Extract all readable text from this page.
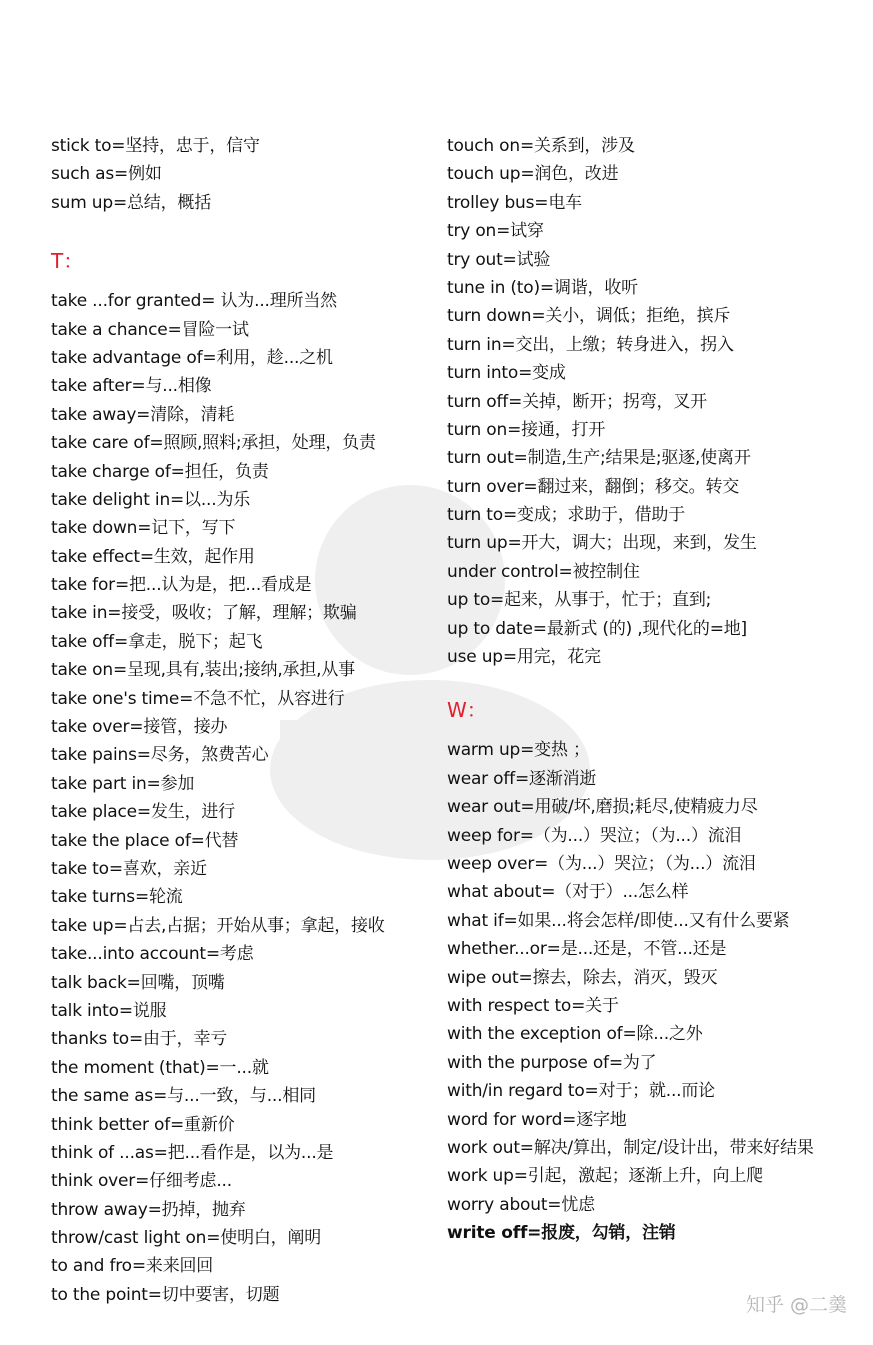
stick to=坚持，忠于，信守
such as=例如
sum up=总结，概括
T：
take ...for granted= 认为...理所当然
take a chance=冒险一试
take advantage of=利用，趁...之机
take after=与...相像
take away=清除，清耗
take care of=照顾,照料;承担，处理，负责
take charge of=担任，负责
take delight in=以...为乐
take down=记下，写下
take effect=生效，起作用
take for=把...认为是，把...看成是
take in=接受，吸收；了解，理解；欺骗
take off=拿走，脱下；起飞
take on=呈现,具有,装出;接纳,承担,从事
take one's time=不急不忙，从容进行
take over=接管，接办
take pains=尽务，煞费苦心
take part in=参加
take place=发生，进行
take the place of=代替
take to=喜欢，亲近
take turns=轮流
take up=占去,占据；开始从事；拿起，接收
take...into account=考虑
talk back=回嘴，顶嘴
talk into=说服
thanks to=由于，幸亏
the moment (that)=一...就
the same as=与...一致，与...相同
think better of=重新价
think of ...as=把...看作是，以为...是
think over=仔细考虑...
throw away=扔掉，抛弃
throw/cast light on=使明白，阐明
to and fro=来来回回
to the point=切中要害，切题
touch on=关系到，涉及
touch up=润色，改进
trolley bus=电车
try on=试穿
try out=试验
tune in (to)=调谐，收听
turn down=关小，调低；拒绝，摈斥
turn in=交出，上缴；转身进入，拐入
turn into=变成
turn off=关掉，断开；拐弯，叉开
turn on=接通，打开
turn out=制造,生产;结果是;驱逐,使离开
turn over=翻过来，翻倒；移交。转交
turn to=变成；求助于，借助于
turn up=开大，调大；出现，来到，发生
under control=被控制住
up to=起来，从事于，忙于；直到;
up to date=最新式 (的) ,现代化的=地]
use up=用完，花完
W：
warm up=变热 ；
wear off=逐渐消逝
wear out=用破/坏,磨损;耗尽,使精疲力尽
weep for=（为...）哭泣；（为...）流泪
weep over=（为...）哭泣；（为...）流泪
what about=（对于）...怎么样
what if=如果...将会怎样/即使...又有什么要紧
whether...or=是...还是，不管...还是
wipe out=擦去，除去，消灭，毁灭
with respect to=关于
with the exception of=除...之外
with the purpose of=为了
with/in regard to=对于；就...而论
word for word=逐字地
work out=解决/算出，制定/设计出，带来好结果
work up=引起，激起；逐渐上升，向上爬
worry about=忧虑
write off=报废，勾销，注销
知乎 @二羹
